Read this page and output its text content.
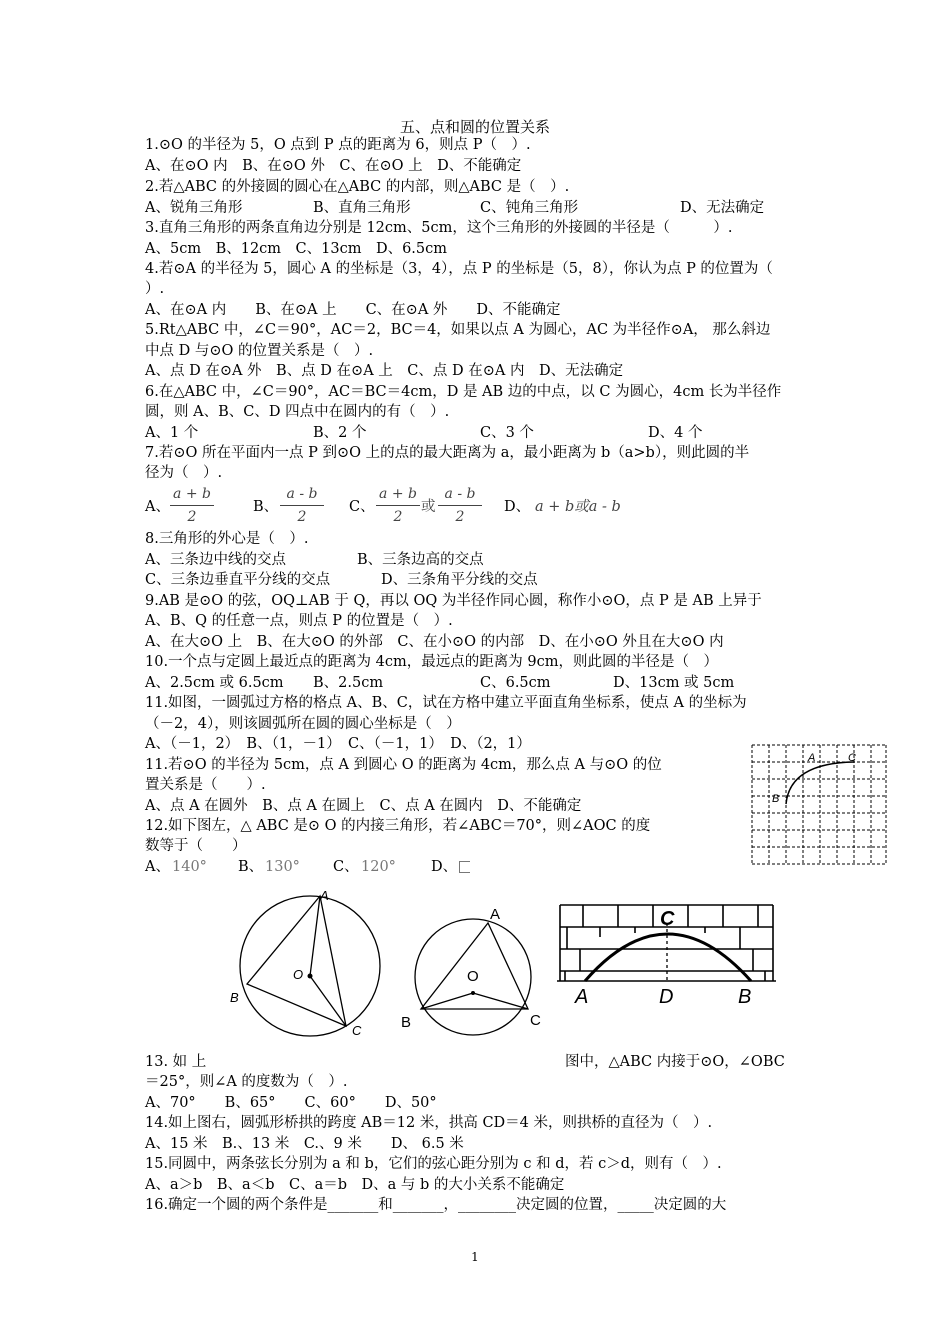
五、点和圆的位置关系
1.⊙O 的半径为 5，O 点到 P 点的距离为 6，则点 P（　）.
A、在⊙O 内　B、在⊙O 外　C、在⊙O 上　D、不能确定
2.若△ABC 的外接圆的圆心在△ABC 的内部，则△ABC 是（　）.
A、锐角三角形	B、直角三角形	C、钝角三角形	D、无法确定
3.直角三角形的两条直角边分别是 12cm、5cm，这个三角形的外接圆的半径是（　　　）.
A、5cm　B、12cm　C、13cm　D、6.5cm
4.若⊙A 的半径为 5，圆心 A 的坐标是（3，4），点 P 的坐标是（5，8），你认为点 P 的位置为（
）.
A、在⊙A 内　　B、在⊙A 上　　C、在⊙A 外　　D、不能确定
5.Rt△ABC 中，∠C＝90°，AC＝2，BC＝4，如果以点 A 为圆心，AC 为半径作⊙A， 那么斜边
中点 D 与⊙O 的位置关系是（　）.
A、点 D 在⊙A 外　B、点 D 在⊙A 上　C、点 D 在⊙A 内　D、无法确定
6.在△ABC 中，∠C＝90°，AC＝BC＝4cm，D 是 AB 边的中点，以 C 为圆心，4cm 长为半径作
圆，则 A、B、C、D 四点中在圆内的有（　）.
A、1 个	B、2 个	C、3 个	D、4 个
7.若⊙O 所在平面内一点 P 到⊙O 上的点的最大距离为 a，最小距离为 b（a>b），则此圆的半
径为（　）.
A、
a + b
2
B、
a - b
2
C、
a + b
2
或
a - b
2
D、 a + b或a - b
8.三角形的外心是（　）.
A、三条边中线的交点	B、三条边高的交点
C、三条边垂直平分线的交点	D、三条角平分线的交点
9.AB 是⊙O 的弦，OQ⊥AB 于 Q，再以 OQ 为半径作同心圆，称作小⊙O，点 P 是 AB 上异于
A、B、Q 的任意一点，则点 P 的位置是（　）.
A、在大⊙O 上　B、在大⊙O 的外部　C、在小⊙O 的内部　D、在小⊙O 外且在大⊙O 内
10.一个点与定圆上最近点的距离为 4cm，最远点的距离为 9cm，则此圆的半径是（　）
A、2.5cm 或 6.5cm B、2.5cm	C、6.5cm	D、13cm 或 5cm
11.如图，一圆弧过方格的格点 A、B、C，试在方格中建立平面直角坐标系，使点 A 的坐标为
（－2，4），则该圆弧所在圆的圆心坐标是（　）
A、（－1，2）　B、（1，－1）　C、（－1，1）　D、（2，1）
11.若⊙O 的半径为 5cm，点 A 到圆心 O 的距离为 4cm，那么点 A 与⊙O 的位
置关系是（　　）.
A、点 A 在圆外　B、点 A 在圆上　C、点 A 在圆内　D、不能确定
12.如下图左，△ ABC 是⊙ O 的内接三角形，若∠ABC＝70°，则∠AOC 的度
数等于（　　）
A、 140° B、 130° C、 120° D、
A	C
B
A
B
C
O
A
O
B	C
C
A	D	B
13. 如 上	图中，△ABC 内接于⊙O，∠OBC
＝25°，则∠A 的度数为（　）.
A、70°　　B、65°　　C、60°　　D、50°
14.如上图右，圆弧形桥拱的跨度 AB＝12 米，拱高 CD＝4 米，则拱桥的直径为（　）.
A、15 米　B.、13 米　C.、9 米　　D、 6.5 米
15.同圆中，两条弦长分别为 a 和 b，它们的弦心距分别为 c 和 d，若 c＞d，则有（　）.
A、a＞b　B、a＜b　C、a＝b　D、a 与 b 的大小关系不能确定
16.确定一个圆的两个条件是_______和_______，________决定圆的位置，_____决定圆的大
1
